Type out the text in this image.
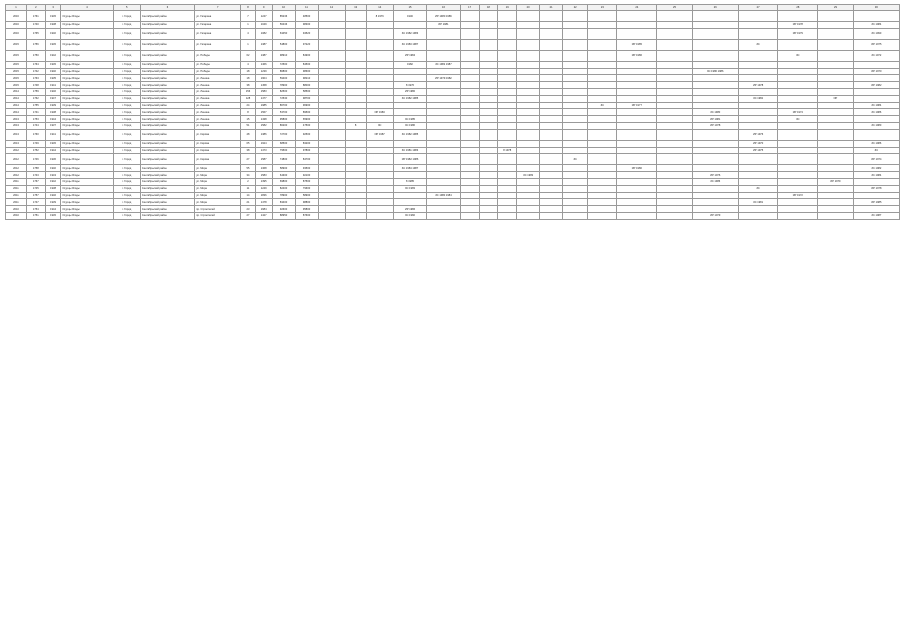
1	2	3	4	5	6	7	8	9	10	11	12	13	14	15	16	17	18	19	20	21	22	23	24	25	26	27	28	29	30
2016	1761	1945	Огурцы Ягоды	г. Город	Сентябрьский район	ул. Гагарина	7	1247	85236	48500			8 1976	1946	ИР 1980 1986														
2016	1740	1938	Огурцы Ягоды	г. Город	Сентябрьский район	ул. Гагарина	1	1049	56436	98300					ИР 1981												ИР 1978		ЗС 1984
2016	1765	1940	Огурцы Ягоды	г. Город	Сентябрьский район	ул. Гагарина	4	1082	63450	94520				ЗС 1982 1983													ИР 1979		ЗС 1990
2015	1756	1945	Огурцы Ягоды	г. Город	Сентябрьский район	ул. Гагарина	1	1387	54800	97220				ЗС 1983 1987									ИР 1985			ЗС			ИР 1975
2015	1750	1942	Огурцы Ягоды	г. Город	Сентябрьский район	ул. Победы	62	1387	98910	84900				ИР 1984									ИР 1986				ЗС		ЗС 1972
2015	1764	1945	Огурцы Ягоды	г. Город	Сентябрьский район	ул. Победы	4	1466	72500	84500				1982	ЗС 1982 1987														
2015	1742	1940	Огурцы Ягоды	г. Город	Сентябрьский район	ул. Победы	18	1239	86800	98600															ЗС 1980 1986				ИР 1970
2015	1763	1935	Огурцы Ягоды	г. Город	Сентябрьский район	ул. Ленина	18	1904	59400	98210					ИР 1979 1982														
2015	1748	1941	Огурцы Ягоды	г. Город	Сентябрьский район	ул. Ленина	38	1458	78900	88000				8 1976												ИР 1978			ИР 1982
2014	1759	1946	Огурцы Ягоды	г. Город	Сентябрьский район	ул. Ленина	156	1583	82500	58500				ИР 1980															
2014	1762	1947	Огурцы Ягоды	г. Город	Сентябрьский район	ул. Ленина	128	1477	72530	98700				ЗС 1982 1985												ЗС 1982		ИР	
2014	1755	1939	Огурцы Ягоды	г. Город	Сентябрьский район	ул. Ленина	24	1985	86700	96900												ЗС	ИР 1977						ЗС 1984
2014	1741	1938	Огурцы Ягоды	г. Город	Сентябрьский район	ул. Ленина	8	1567	53700	89500			ИР 1983												ЗС 1980		ИР 1974		ЗС 1986
2013	1753	1944	Огурцы Ягоды	г. Город	Сентябрьский район	ул. Ленина	15	1438	95800	65900				ЗС 1985											ИР 1981		ЗС		
2013	1744	1937	Огурцы Ягоды	г. Город	Сентябрьский район	ул. Кирова	51	1582	86200	47500		8	ЗС	ЗС 1986											ИР 1978				ЗС 1980
2013	1760	1941	Огурцы Ягоды	г. Город	Сентябрьский район	ул. Кирова	48	1386	72700	92500			ИР 1987	ЗС 1982 1985												ИР 1976			
2013	1749	1945	Огурцы Ягоды	г. Город	Сентябрьский район	ул. Кирова	65	1924	68500	83200																ИР 1970			ЗС 1986
2012	1752	1944	Огурцы Ягоды	г. Город	Сентябрьский район	ул. Кирова	38	1473	79500	97800				ЗС 1981 1983				8 1978								ИР 1975			ЗС
2012	1746	1936	Огурцы Ягоды	г. Город	Сентябрьский район	ул. Кирова	27	1587	74800	84700				ИР 1982 1986							ЗС								ИР 1974
2012	1758	1940	Огурцы Ягоды	г. Город	Сентябрьский район	ул. Мира	55	1368	58900	93500				ЗС 1984 1987									ИР 1980						ЗС 1982
2012	1743	1943	Огурцы Ягоды	г. Город	Сентябрьский район	ул. Мира	34	1583	64300	92100									ЗС 1983						ИР 1976				ЗС 1984
2011	1767	1942	Огурцы Ягоды	г. Город	Сентябрьский район	ул. Мира	2	1395	69800	87500				8 1985											ЗС 1986			ИР 1979	
2011	1745	1938	Огурцы Ягоды	г. Город	Сентябрьский район	ул. Мира	11	1249	82400	79600				ЗС 1983												ЗС			ИР 1978
2011	1757	1946	Огурцы Ягоды	г. Город	Сентябрьский район	ул. Мира	14	1836	78900	58900					ЗС 1980 1984												ИР 1972		
2011	1747	1939	Огурцы Ягоды	г. Город	Сентябрьский район	ул. Мира	21	1478	83400	98800																ЗС 1981			ИР 1985
2010	1754	1944	Огурцы Ягоды	г. Город	Сентябрьский район	пр. Строителей	23	1684	92600	95800				ИР 1986															
2010	1751	1945	Огурцы Ягоды	г. Город	Сентябрьский район	пр. Строителей	27	1427	88950	87600				ЗС 1982											ИР 1979				ЗС 1987
